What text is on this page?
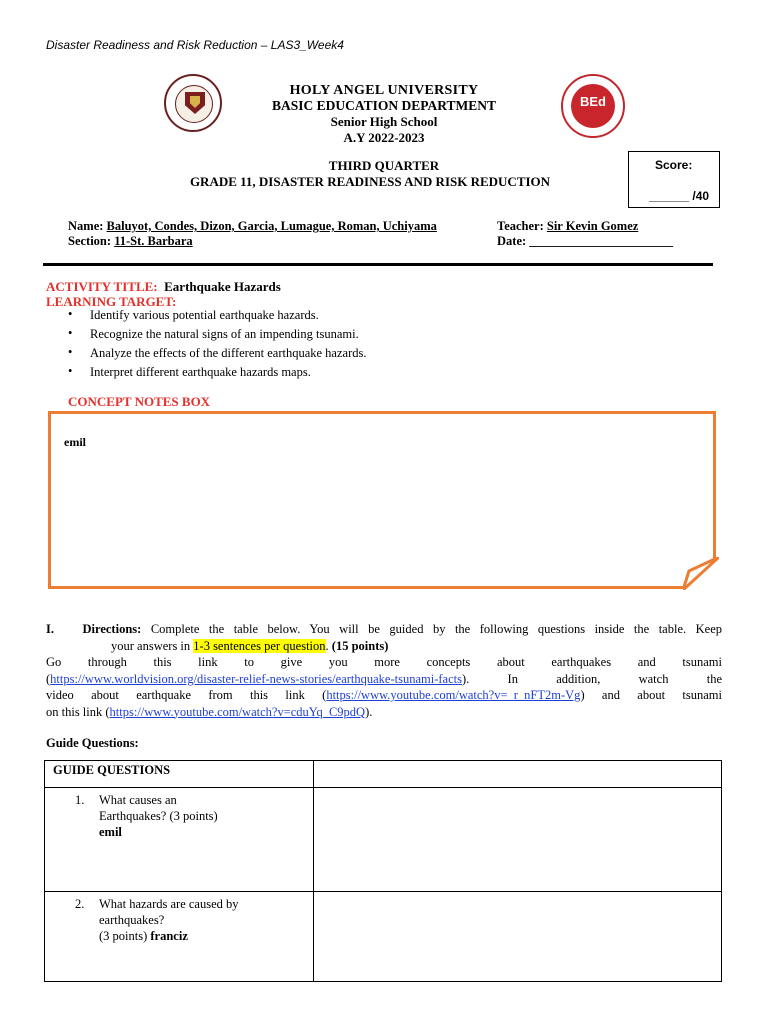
Disaster Readiness and Risk Reduction – LAS3_Week4
BEd
HOLY ANGEL UNIVERSITY
BASIC EDUCATION DEPARTMENT
Senior High School
A.Y 2022-2023
THIRD QUARTER
GRADE 11, DISASTER READINESS AND RISK REDUCTION
Score:
______ /40
Name: Baluyot, Condes, Dizon, Garcia, Lumague, Roman, Uchiyama
Section: 11-St. Barbara
Teacher: Sir Kevin Gomez
Date: _______________________
ACTIVITY TITLE: Earthquake Hazards
LEARNING TARGET:
• Identify various potential earthquake hazards.
• Recognize the natural signs of an impending tsunami.
• Analyze the effects of the different earthquake hazards.
• Interpret different earthquake hazards maps.
CONCEPT NOTES BOX
emil
I. Directions: Complete the table below. You will be guided by the following questions inside the table. Keep
your answers in 1-3 sentences per question. (15 points)
Go through this link to give you more concepts about earthquakes and tsunami
(https://www.worldvision.org/disaster-relief-news-stories/earthquake-tsunami-facts). In addition, watch the
video about earthquake from this link (https://www.youtube.com/watch?v=_r_nFT2m-Vg) and about tsunami
on this link (https://www.youtube.com/watch?v=cduYq_C9pdQ).
Guide Questions:
GUIDE QUESTIONS	

1. What causes an
Earthquakes? (3 points)
emil	

2. What hazards are caused by
earthquakes?
(3 points) franciz	
